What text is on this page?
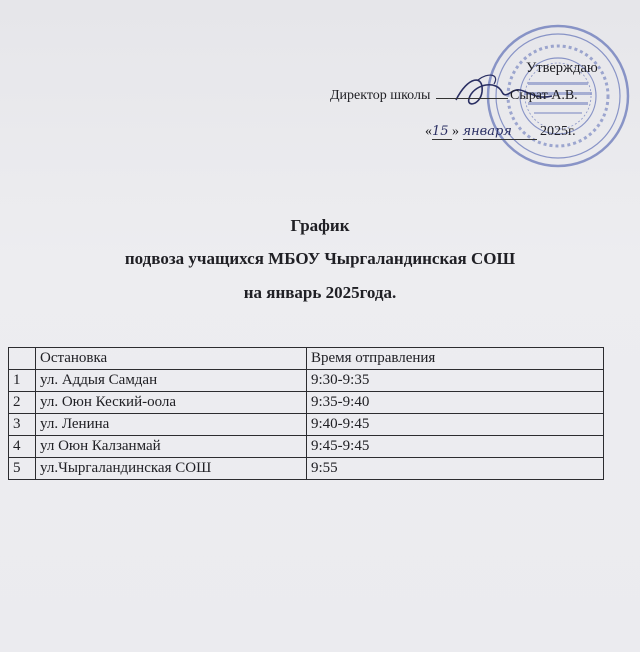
Утверждаю
Директор школы	Сырат А.В.
«15 » января 2025г.
График
подвоза учащихся МБОУ Чыргаландинская СОШ
на январь 2025года.
	Остановка	Время отправления
1	ул. Аддыя Самдан	9:30-9:35
2	ул. Оюн Кеский-оола	9:35-9:40
3	ул. Ленина	9:40-9:45
4	ул Оюн Калзанмай	9:45-9:45
5	ул.Чыргаландинская СОШ	9:55
